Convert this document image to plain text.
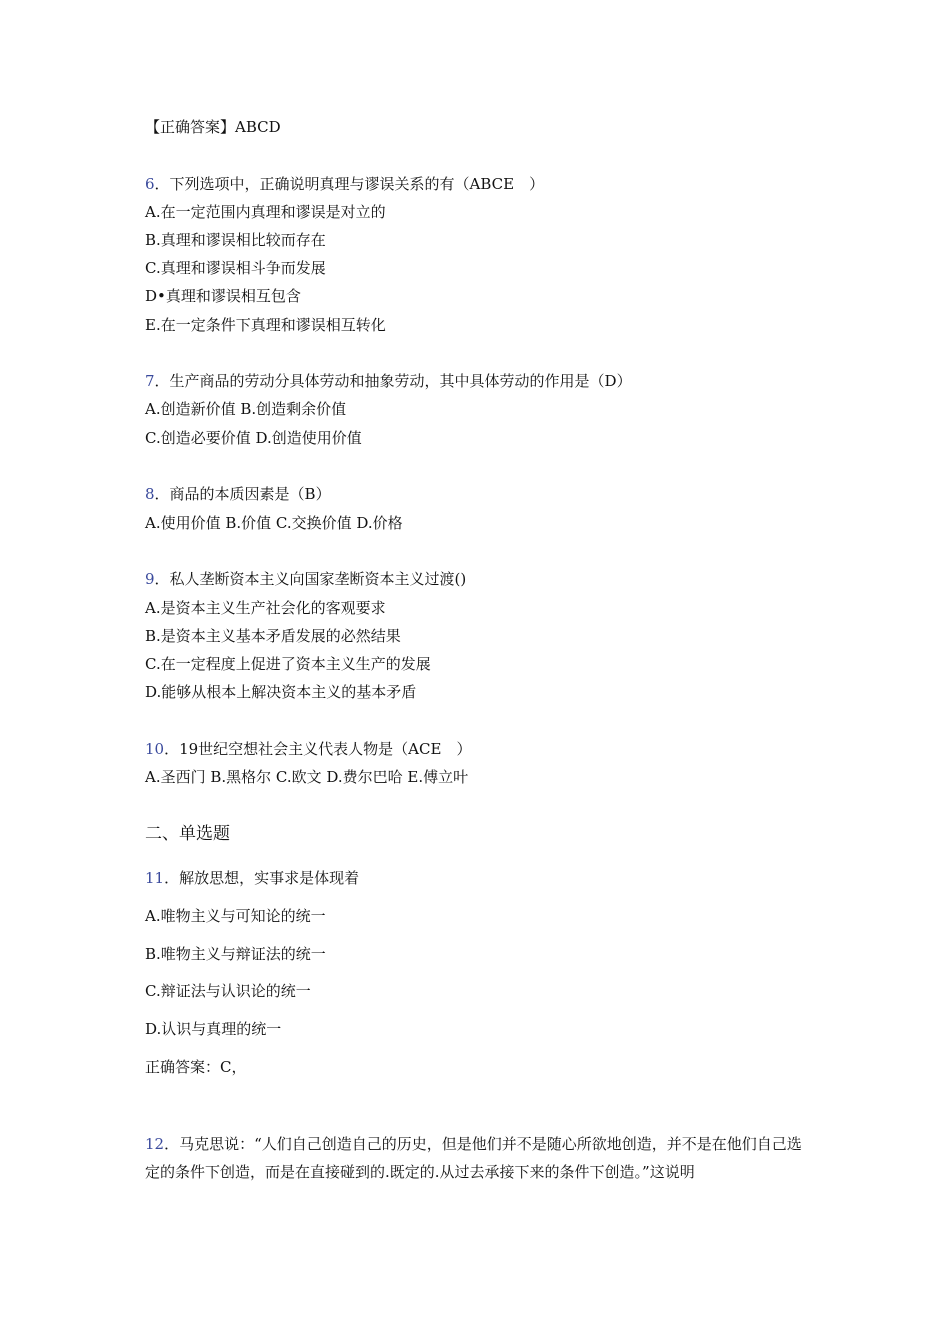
【正确答案】ABCD
6．下列选项中，正确说明真理与谬误关系的有（ABCE　）
A.在一定范围内真理和谬误是对立的
B.真理和谬误相比较而存在
C.真理和谬误相斗争而发展
D•真理和谬误相互包含
E.在一定条件下真理和谬误相互转化
7．生产商品的劳动分具体劳动和抽象劳动，其中具体劳动的作用是（D）
A.创造新价值 B.创造剩余价值
C.创造必要价值 D.创造使用价值
8．商品的本质因素是（B）
A.使用价值 B.价值 C.交换价值 D.价格
9．私人垄断资本主义向国家垄断资本主义过渡()
A.是资本主义生产社会化的客观要求
B.是资本主义基本矛盾发展的必然结果
C.在一定程度上促进了资本主义生产的发展
D.能够从根本上解决资本主义的基本矛盾
10．19世纪空想社会主义代表人物是（ACE　）
A.圣西门 B.黑格尔 C.欧文 D.费尔巴哈 E.傅立叶
二、单选题
11．解放思想，实事求是体现着
A.唯物主义与可知论的统一
B.唯物主义与辩证法的统一
C.辩证法与认识论的统一
D.认识与真理的统一
正确答案：C，
12．马克思说：“人们自己创造自己的历史，但是他们并不是随心所欲地创造，并不是在他们自己选定的条件下创造，而是在直接碰到的.既定的.从过去承接下来的条件下创造。”这说明
